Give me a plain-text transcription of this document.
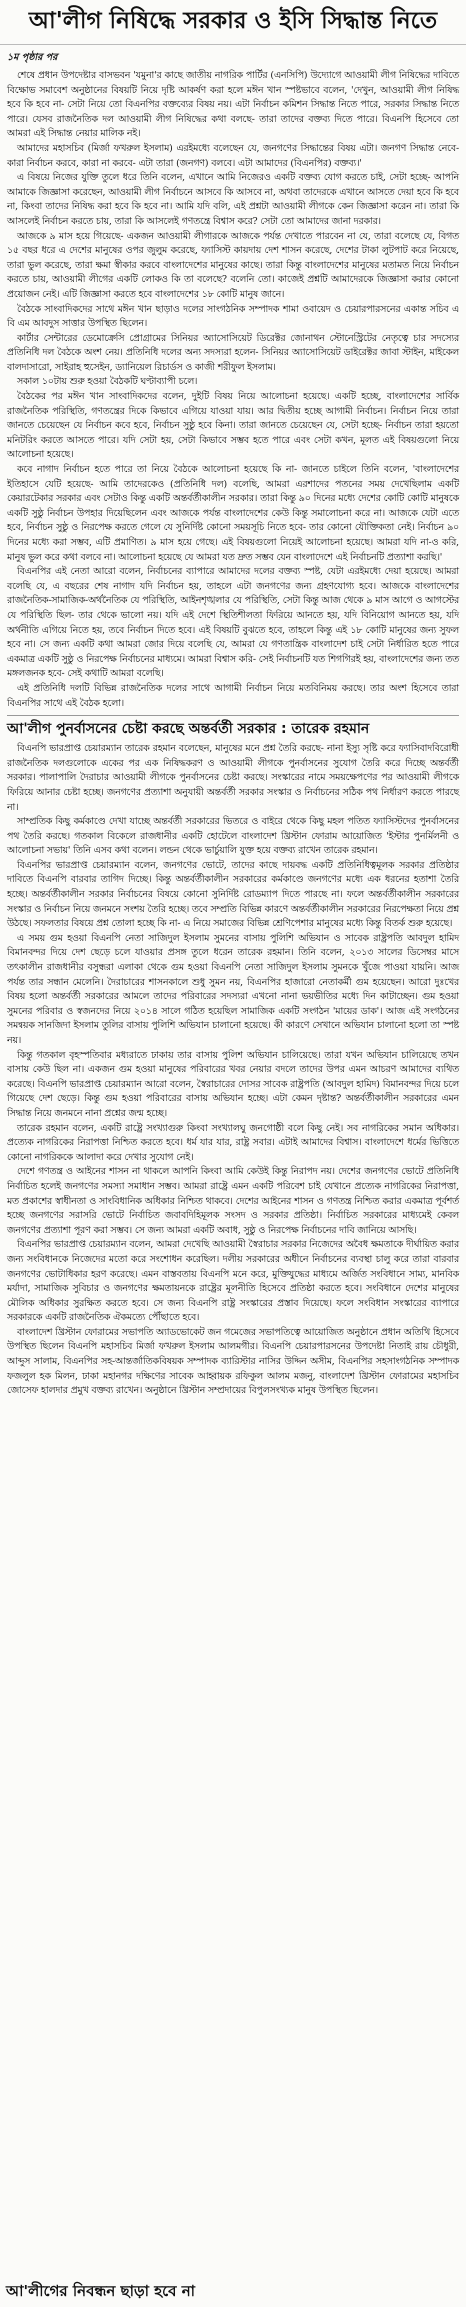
আ'লীগ নিষিদ্ধে সরকার ও ইসি সিদ্ধান্ত নিতে
১ম পৃষ্ঠার পর

শেষে প্রধান উপদেষ্টার বাসভবন 'যমুনা'র কাছে জাতীয় নাগরিক পার্টির (এনসিপি) উদ্যোগে আওয়ামী লীগ নিষিদ্ধের দাবিতে বিক্ষোভ সমাবেশ অনুষ্ঠানের বিষয়টি নিয়ে দৃষ্টি আকর্ষণ করা হলে মঈন খান স্পষ্টভাবে বলেন, 'দেখুন, আওয়ামী লীগ নিষিদ্ধ হবে কি হবে না- সেটা নিয়ে তো বিএনপির বক্তব্যের বিষয় নয়। এটা নির্বাচন কমিশন সিদ্ধান্ত নিতে পারে, সরকার সিদ্ধান্ত নিতে পারে। যেসব রাজনৈতিক দল আওয়ামী লীগ নিষিদ্ধের কথা বলছে- তারা তাদের বক্তব্য দিতে পারে। বিএনপি হিসেবে তো আমরা এই সিদ্ধান্ত নেয়ার মালিক নই।

আমাদের মহাসচিব (মির্জা ফখরুল ইসলাম) এরইমধ্যে বলেছেন যে, জনগণের সিদ্ধান্তের বিষয় এটা। জনগণ সিদ্ধান্ত নেবে- কারা নির্বাচন করবে, কারা না করবে- এটা তারা (জনগণ) বলবে। এটা আমাদের (বিএনপির) বক্তব্য।'

এ বিষয়ে নিজের যুক্তি তুলে ধরে তিনি বলেন, এখানে আমি নিজেরও একটি বক্তব্য যোগ করতে চাই, সেটা হচ্ছে- আপনি আমাকে জিজ্ঞাসা করেছেন, আওয়ামী লীগ নির্বাচনে আসবে কি আসবে না, অথবা তাদেরকে এখানে আসতে দেয়া হবে কি হবে না, কিংবা তাদের নিষিদ্ধ করা হবে কি হবে না। আমি যদি বলি, এই প্রশ্নটা আওয়ামী লীগকে কেন জিজ্ঞাসা করেন না। তারা কি আসলেই নির্বাচন করতে চায়, তারা কি আসলেই গণতন্ত্রে বিশ্বাস করে? সেটা তো আমাদের জানা দরকার।

আজকে ৯ মাস হয়ে গিয়েছে- একজন আওয়ামী লীগারকে আজকে পর্যন্ত দেখাতে পারবেন না যে, তারা বলেছে যে, বিগত ১৫ বছর ধরে এ দেশের মানুষের ওপর জুলুম করেছে, ফ্যাসিস্ট কায়দায় দেশ শাসন করেছে, দেশের টাকা লুটপাট করে নিয়েছে, তারা ভুল করেছে, তারা ক্ষমা স্বীকার করবে বাংলাদেশের মানুষের কাছে। তারা কিন্তু বাংলাদেশের মানুষের মতামত নিয়ে নির্বাচন করতে চায়, আওয়ামী লীগের একটি লোকও কি তা বলেছে? বলেনি তো। কাজেই প্রশ্নটি আমাদেরকে জিজ্ঞাসা করার কোনো প্রয়োজন নেই। এটি জিজ্ঞাসা করতে হবে বাংলাদেশের ১৮ কোটি মানুষ জানে।

বৈঠকে সাংবাদিকদের সাথে মঈন খান ছাড়াও দলের সাংগঠনিক সম্পাদক শামা ওবায়েদ ও চেয়ারপারসনের একান্ত সচিব এ বি এম আবদুস সাত্তার উপস্থিত ছিলেন।

কার্টার সেন্টারের ডেমোক্রেসি প্রোগ্রামের সিনিয়র অ্যাসোসিয়েট ডিরেক্টর জোনাথন স্টোনেস্ট্রিটের নেতৃত্বে চার সদস্যের প্রতিনিধি দল বৈঠকে অংশ নেয়। প্রতিনিধি দলের অন্য সদস্যরা হলেন- সিনিয়র অ্যাসোসিয়েট ডাইরেক্টর জাবা স্টাইন, মাইকেল বালদাসারো, সাইরাহ হুসেইন, ড্যানিয়েল রিচার্ডস ও কাজী শরীফুল ইসলাম।

সকাল ১০টায় শুরু হওয়া বৈঠকটি ঘণ্টাব্যাপী চলে।

বৈঠকের পর মঈন খান সাংবাদিকদের বলেন, দুইটি বিষয় নিয়ে আলোচনা হয়েছে। একটি হচ্ছে, বাংলাদেশের সার্বিক রাজনৈতিক পরিস্থিতি, গণতন্ত্রের দিকে কিভাবে এগিয়ে যাওয়া যায়। আর দ্বিতীয় হচ্ছে আগামী নির্বাচন। নির্বাচন নিয়ে তারা জানতে চেয়েছেন যে নির্বাচন কবে হবে, নির্বাচন সুষ্ঠু হবে কিনা। তারা জানতে চেয়েছেন যে, সেটা হচ্ছে- নির্বাচন তারা হয়তো মনিটরিং করতে আসতে পারে। যদি সেটা হয়, সেটা কিভাবে সম্ভব হতে পারে এবং সেটা কখন, মূলত এই বিষয়গুলো নিয়ে আলোচনা হয়েছে।

কবে নাগাদ নির্বাচন হতে পারে তা নিয়ে বৈঠকে আলোচনা হয়েছে কি না- জানতে চাইলে তিনি বলেন, 'বাংলাদেশের ইতিহাসে যেটি হয়েছে- আমি তাদেরকেও (প্রতিনিধি দল) বলেছি, আমরা এরশাদের পতনের সময় দেখেছিলাম একটি কেয়ারটেকার সরকার এবং সেটাও কিন্তু একটি অন্তর্বর্তীকালীন সরকার। তারা কিন্তু ৯০ দিনের মধ্যে দেশের কোটি কোটি মানুষকে একটি সুষ্ঠু নির্বাচন উপহার দিয়েছিলেন এবং আজকে পর্যন্ত বাংলাদেশের কেউ কিন্তু সমালোচনা করে না। আজকে যেটা এতে হবে, নির্বাচন সুষ্ঠু ও নিরপেক্ষ করতে গেলে যে সুনির্দিষ্ট কোনো সময়সূচি নিতে হবে- তার কোনো যৌক্তিকতা নেই। নির্বাচন ৯০ দিনের মধ্যে করা সম্ভব, এটি প্রমাণিত। ৯ মাস হয়ে গেছে। এই বিষয়গুলো নিয়েই আলোচনা হয়েছে। আমরা যদি না-ও করি, মানুষ ভুল করে কথা বলবে না। আলোচনা হয়েছে যে আমরা যত দ্রুত সম্ভব যেন বাংলাদেশে এই নির্বাচনটি প্রত্যাশা করছি।'

বিএনপির এই নেতা আরো বলেন, নির্বাচনের ব্যাপারে আমাদের দলের বক্তব্য স্পষ্ট, যেটা এরইমধ্যে দেয়া হয়েছে। আমরা বলেছি যে, এ বছরের শেষ নাগাদ যদি নির্বাচন হয়, তাহলে এটা জনগণের জন্য গ্রহণযোগ্য হবে। আজকে বাংলাদেশের রাজনৈতিক-সামাজিক-অর্থনৈতিক যে পরিস্থিতি, আইনশৃঙ্খলার যে পরিস্থিতি, সেটা কিন্তু আজ থেকে ৯ মাস আগে ও আগস্টের যে পরিস্থিতি ছিল- তার থেকে ভালো নয়। যদি এই দেশে স্থিতিশীলতা ফিরিয়ে আনতে হয়, যদি বিনিয়োগ আনতে হয়, যদি অর্থনীতি এগিয়ে নিতে হয়, তবে নির্বাচন দিতে হবে। এই বিষয়টি বুঝতে হবে, তাহলে কিন্তু এই ১৮ কোটি মানুষের জন্য সুফল হবে না। সে জন্য একটি কথা আমরা জোর দিয়ে বলেছি যে, আমরা যে গণতান্ত্রিক বাংলাদেশ চাই সেটা নির্ধারিত হতে পারে একমাত্র একটি সুষ্ঠু ও নিরপেক্ষ নির্বাচনের মাধ্যমে। আমরা বিশ্বাস করি- সেই নির্বাচনটি যত শিগগিরই হয়, বাংলাদেশের জন্য তত মঙ্গলজনক হবে- সেই কথাটি আমরা বলেছি।

এই প্রতিনিধি দলটি বিভিন্ন রাজনৈতিক দলের সাথে আগামী নির্বাচন নিয়ে মতবিনিময় করছে। তার অংশ হিসেবে তারা বিএনপির সাথে এই বৈঠক হলো।

আ'লীগ পুনর্বাসনের চেষ্টা করছে অন্তর্বর্তী সরকার : তারেক রহমান

বিএনপি ভারপ্রাপ্ত চেয়ারম্যান তারেক রহমান বলেছেন, মানুষের মনে প্রশ্ন তৈরি করছে- নানা ইস্যু সৃষ্টি করে ফ্যাসিবাদবিরোধী রাজনৈতিক দলগুলোকে একের পর এক নিষিদ্ধকরণ ও আওয়ামী লীগকে পুনর্বাসনের সুযোগ তৈরি করে দিচ্ছে অন্তর্বর্তী সরকার। পালাপালি দৈরাচার আওয়ামী লীগকে পুনর্বাসনের চেষ্টা করছে। সংস্কারের নামে সময়ক্ষেপণের পর আওয়ামী লীগকে ফিরিয়ে আনার চেষ্টা হচ্ছে। জনগণের প্রত্যাশা অনুযায়ী অন্তর্বর্তী সরকার সংস্কার ও নির্বাচনের সঠিক পথ নির্ধারণ করতে পারছে না।

সাম্প্রতিক কিছু কর্মকাণ্ডে দেখা যাচ্ছে অন্তর্বর্তী সরকারের ভিতরে ও বাইরে থেকে কিছু মহল পতিত ফ্যাসিস্টদের পুনর্বাসনের পথ তৈরি করছে। গতকাল বিকেলে রাজধানীর একটি হোটেলে বাংলাদেশ খ্রিস্টান ফোরাম আয়োজিত 'ইস্টার পুনর্মিলনী ও আলোচনা সভায়' তিনি এসব কথা বলেন। লন্ডন থেকে ভার্চুয়ালি যুক্ত হয়ে বক্তব্য রাখেন তারেক রহমান।

বিএনপির ভারপ্রাপ্ত চেয়ারম্যান বলেন, জনগণের ভোটে, তাদের কাছে দায়বদ্ধ একটি প্রতিনিধিত্বমূলক সরকার প্রতিষ্ঠার দাবিতে বিএনপি বারবার তাগিদ দিচ্ছে। কিন্তু অন্তর্বর্তীকালীন সরকারের কর্মকাণ্ডে জনগণের মধ্যে এক ধরনের হতাশা তৈরি হচ্ছে। অন্তর্বর্তীকালীন সরকার নির্বাচনের বিষয়ে কোনো সুনির্দিষ্ট রোডম্যাপ দিতে পারছে না। ফলে অন্তর্বর্তীকালীন সরকারের সংস্কার ও নির্বাচন নিয়ে জনমনে সংশয় তৈরি হচ্ছে। তবে সম্প্রতি বিভিন্ন কারণে অন্তর্বর্তীকালীন সরকারের নিরপেক্ষতা নিয়ে প্রশ্ন উঠছে। সফলতার বিষয়ে প্রশ্ন তোলা হচ্ছে কি না- এ নিয়ে সমাজের বিভিন্ন শ্রেণিপেশার মানুষের মধ্যে কিন্তু বিতর্ক শুরু হয়েছে।

এ সময় গুম হওয়া বিএনপি নেতা সাজিদুল ইসলাম সুমনের বাসায় পুলিশি অভিযান ও সাবেক রাষ্ট্রপতি আবদুল হামিদ বিমানবন্দর দিয়ে দেশ ছেড়ে চলে যাওয়ার প্রসঙ্গ তুলে ধরেন তারেক রহমান। তিনি বলেন, ২০১৩ সালের ডিসেম্বর মাসে তৎকালীন রাজধানীর বসুন্ধরা এলাকা থেকে গুম হওয়া বিএনপি নেতা সাজিদুল ইসলাম সুমনকে খুঁজে পাওয়া যায়নি। আজ পর্যন্ত তার সন্ধান মেলেনি। দৈরাচারের শাসনকালে শুধু সুমন নয়, বিএনপির হাজারো নেতাকর্মী গুম হয়েছেন। আরো দুঃখের বিষয় হলো অন্তর্বর্তী সরকারের আমলে তাদের পরিবারের সদস্যরা এখনো নানা ভয়ভীতির মধ্যে দিন কাটাচ্ছেন। গুম হওয়া সুমনের পরিবার ও স্বজনদের নিয়ে ২০১৪ সালে গঠিত হয়েছিল সামাজিক একটি সংগঠন 'মায়ের ডাক'। আজ এই সংগঠনের সমন্বয়ক সানজিদা ইসলাম তুলির বাসায় পুলিশি অভিযান চালানো হয়েছে। কী কারণে সেখানে অভিযান চালানো হলো তা স্পষ্ট নয়।

কিন্তু গতকাল বৃহস্পতিবার মধ্যরাতে ঢাকায় তার বাসায় পুলিশ অভিযান চালিয়েছে। তারা যখন অভিযান চালিয়েছে তখন বাসায় কেউ ছিল না। একজন গুম হওয়া মানুষের পরিবারের খবর নেয়ার বদলে তাদের উপর এমন আচরণ আমাদের ব্যথিত করেছে। বিএনপি ভারপ্রাপ্ত চেয়ারম্যান আরো বলেন, স্বৈরাচারের দোসর সাবেক রাষ্ট্রপতি (আবদুল হামিদ) বিমানবন্দর দিয়ে চলে গিয়েছে দেশ ছেড়ে। কিন্তু গুম হওয়া পরিবারের বাসায় অভিযান হচ্ছে। এটা কেমন দৃষ্টান্ত? অন্তর্বর্তীকালীন সরকারের এমন সিদ্ধান্ত নিয়ে জনমনে নানা প্রশ্নের জন্ম হচ্ছে।

তারেক রহমান বলেন, একটি রাষ্ট্রে সংখ্যাগুরু কিংবা সংখ্যালঘু জনগোষ্ঠী বলে কিছু নেই। সব নাগরিকের সমান অধিকার। প্রত্যেক নাগরিকের নিরাপত্তা নিশ্চিত করতে হবে। ধর্ম যার যার, রাষ্ট্র সবার। এটাই আমাদের বিশ্বাস। বাংলাদেশে ধর্মের ভিত্তিতে কোনো নাগরিককে আলাদা করে দেখার সুযোগ নেই।

দেশে গণতন্ত্র ও আইনের শাসন না থাকলে আপনি কিংবা আমি কেউই কিন্তু নিরাপদ নয়। দেশের জনগণের ভোটে প্রতিনিধি নির্বাচিত হলেই জনগণের সমস্যা সমাধান সম্ভব। আমরা রাষ্ট্রে এমন একটি পরিবেশ চাই যেখানে প্রত্যেক নাগরিকের নিরাপত্তা, মত প্রকাশের স্বাধীনতা ও সাংবিধানিক অধিকার নিশ্চিত থাকবে। দেশের আইনের শাসন ও গণতন্ত্র নিশ্চিত করার একমাত্র পূর্বশর্ত হচ্ছে জনগণের সরাসরি ভোটে নির্বাচিত জবাবদিহিমূলক সংসদ ও সরকার প্রতিষ্ঠা। নির্বাচিত সরকারের মাধ্যমেই কেবল জনগণের প্রত্যাশা পূরণ করা সম্ভব। সে জন্য আমরা একটি অবাধ, সুষ্ঠু ও নিরপেক্ষ নির্বাচনের দাবি জানিয়ে আসছি।

বিএনপির ভারপ্রাপ্ত চেয়ারম্যান বলেন, আমরা দেখেছি আওয়ামী স্বৈরাচার সরকার নিজেদের অবৈধ ক্ষমতাকে দীর্ঘায়িত করার জন্য সংবিধানকে নিজেদের মতো করে সংশোধন করেছিল। দলীয় সরকারের অধীনে নির্বাচনের ব্যবস্থা চালু করে তারা বারবার জনগণের ভোটাধিকার হরণ করেছে। এমন বাস্তবতায় বিএনপি মনে করে, মুক্তিযুদ্ধের মাধ্যমে অর্জিত সংবিধানে সাম্য, মানবিক মর্যাদা, সামাজিক সুবিচার ও জনগণের ক্ষমতায়নকে রাষ্ট্রের মূলনীতি হিসেবে প্রতিষ্ঠা করতে হবে। সংবিধানে দেশের মানুষের মৌলিক অধিকার সুরক্ষিত করতে হবে। সে জন্য বিএনপি রাষ্ট্র সংস্কারের প্রস্তাব দিয়েছে। ফলে সংবিধান সংস্কারের ব্যাপারে সরকারকে একটি রাজনৈতিক ঐকমত্যে পৌঁছাতে হবে।

বাংলাদেশ খ্রিস্টান ফোরামের সভাপতি অ্যাডভোকেট জন গমেজের সভাপতিত্বে আয়োজিত অনুষ্ঠানে প্রধান অতিথি হিসেবে উপস্থিত ছিলেন বিএনপি মহাসচিব মির্জা ফখরুল ইসলাম আলমগীর। বিএনপি চেয়ারপারসনের উপদেষ্টা নিতাই রায় চৌধুরী, আব্দুস সালাম, বিএনপির সহ-আন্তর্জাতিকবিষয়ক সম্পাদক ব্যারিস্টার নাসির উদ্দিন অসীম, বিএনপির সহসাংগঠনিক সম্পাদক ফজলুল হক মিলন, ঢাকা মহানগর দক্ষিণের সাবেক আহ্বায়ক রফিকুল আলম মজনু, বাংলাদেশ খ্রিস্টান ফোরামের মহাসচিব জোসেফ হালদার প্রমুখ বক্তব্য রাখেন। অনুষ্ঠানে খ্রিস্টান সম্প্রদায়ের বিপুলসংখ্যক মানুষ উপস্থিত ছিলেন।

আ'লীগের নিবন্ধন ছাড়া হবে না
